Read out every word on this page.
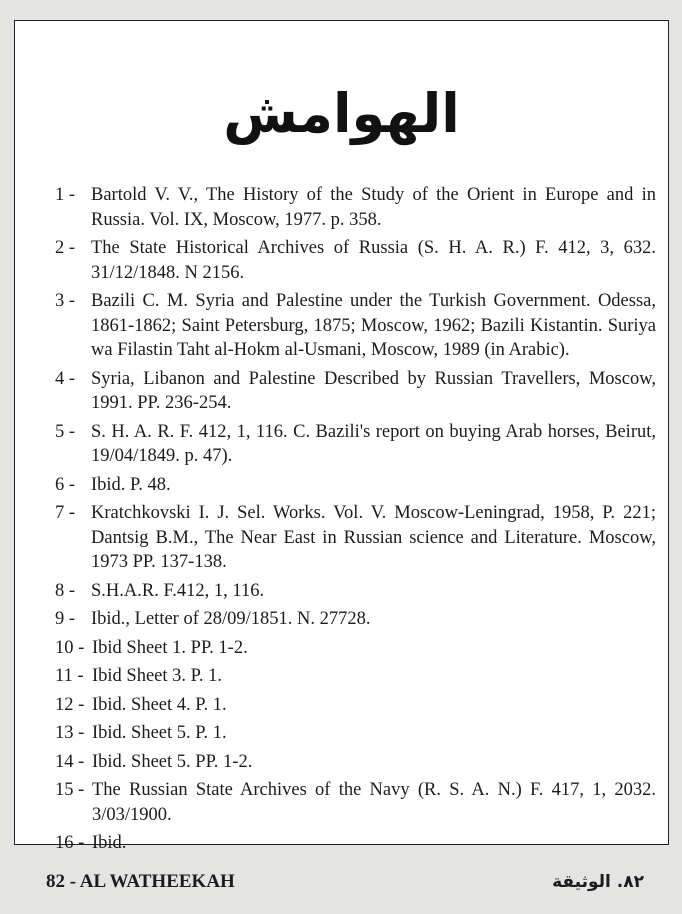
الهوامش
1 - Bartold V. V., The History of the Study of the Orient in Europe and in Russia. Vol. IX, Moscow, 1977. p. 358.
2 - The State Historical Archives of Russia (S. H. A. R.) F. 412, 3, 632. 31/12/1848. N 2156.
3 - Bazili C. M. Syria and Palestine under the Turkish Government. Odessa, 1861-1862; Saint Petersburg, 1875; Moscow, 1962; Bazili Kistantin. Suriya wa Filastin Taht al-Hokm al-Usmani, Moscow, 1989 (in Arabic).
4 - Syria, Libanon and Palestine Described by Russian Travellers, Moscow, 1991. PP. 236-254.
5 - S. H. A. R. F. 412, 1, 116. C. Bazili's report on buying Arab horses, Beirut, 19/04/1849. p. 47).
6 - Ibid. P. 48.
7 - Kratchkovski I. J. Sel. Works. Vol. V. Moscow-Leningrad, 1958, P. 221; Dantsig B.M., The Near East in Russian science and Literature. Moscow, 1973 PP. 137-138.
8 - S.H.A.R. F.412, 1, 116.
9 - Ibid., Letter of 28/09/1851. N. 27728.
10 - Ibid Sheet 1. PP. 1-2.
11 - Ibid Sheet 3. P. 1.
12 - Ibid. Sheet 4. P. 1.
13 - Ibid. Sheet 5. P. 1.
14 - Ibid. Sheet 5. PP. 1-2.
15 - The Russian State Archives of the Navy (R. S. A. N.) F. 417, 1, 2032. 3/03/1900.
16 - Ibid.
82 - AL WATHEEKAH	٨٢. الوثيقة
